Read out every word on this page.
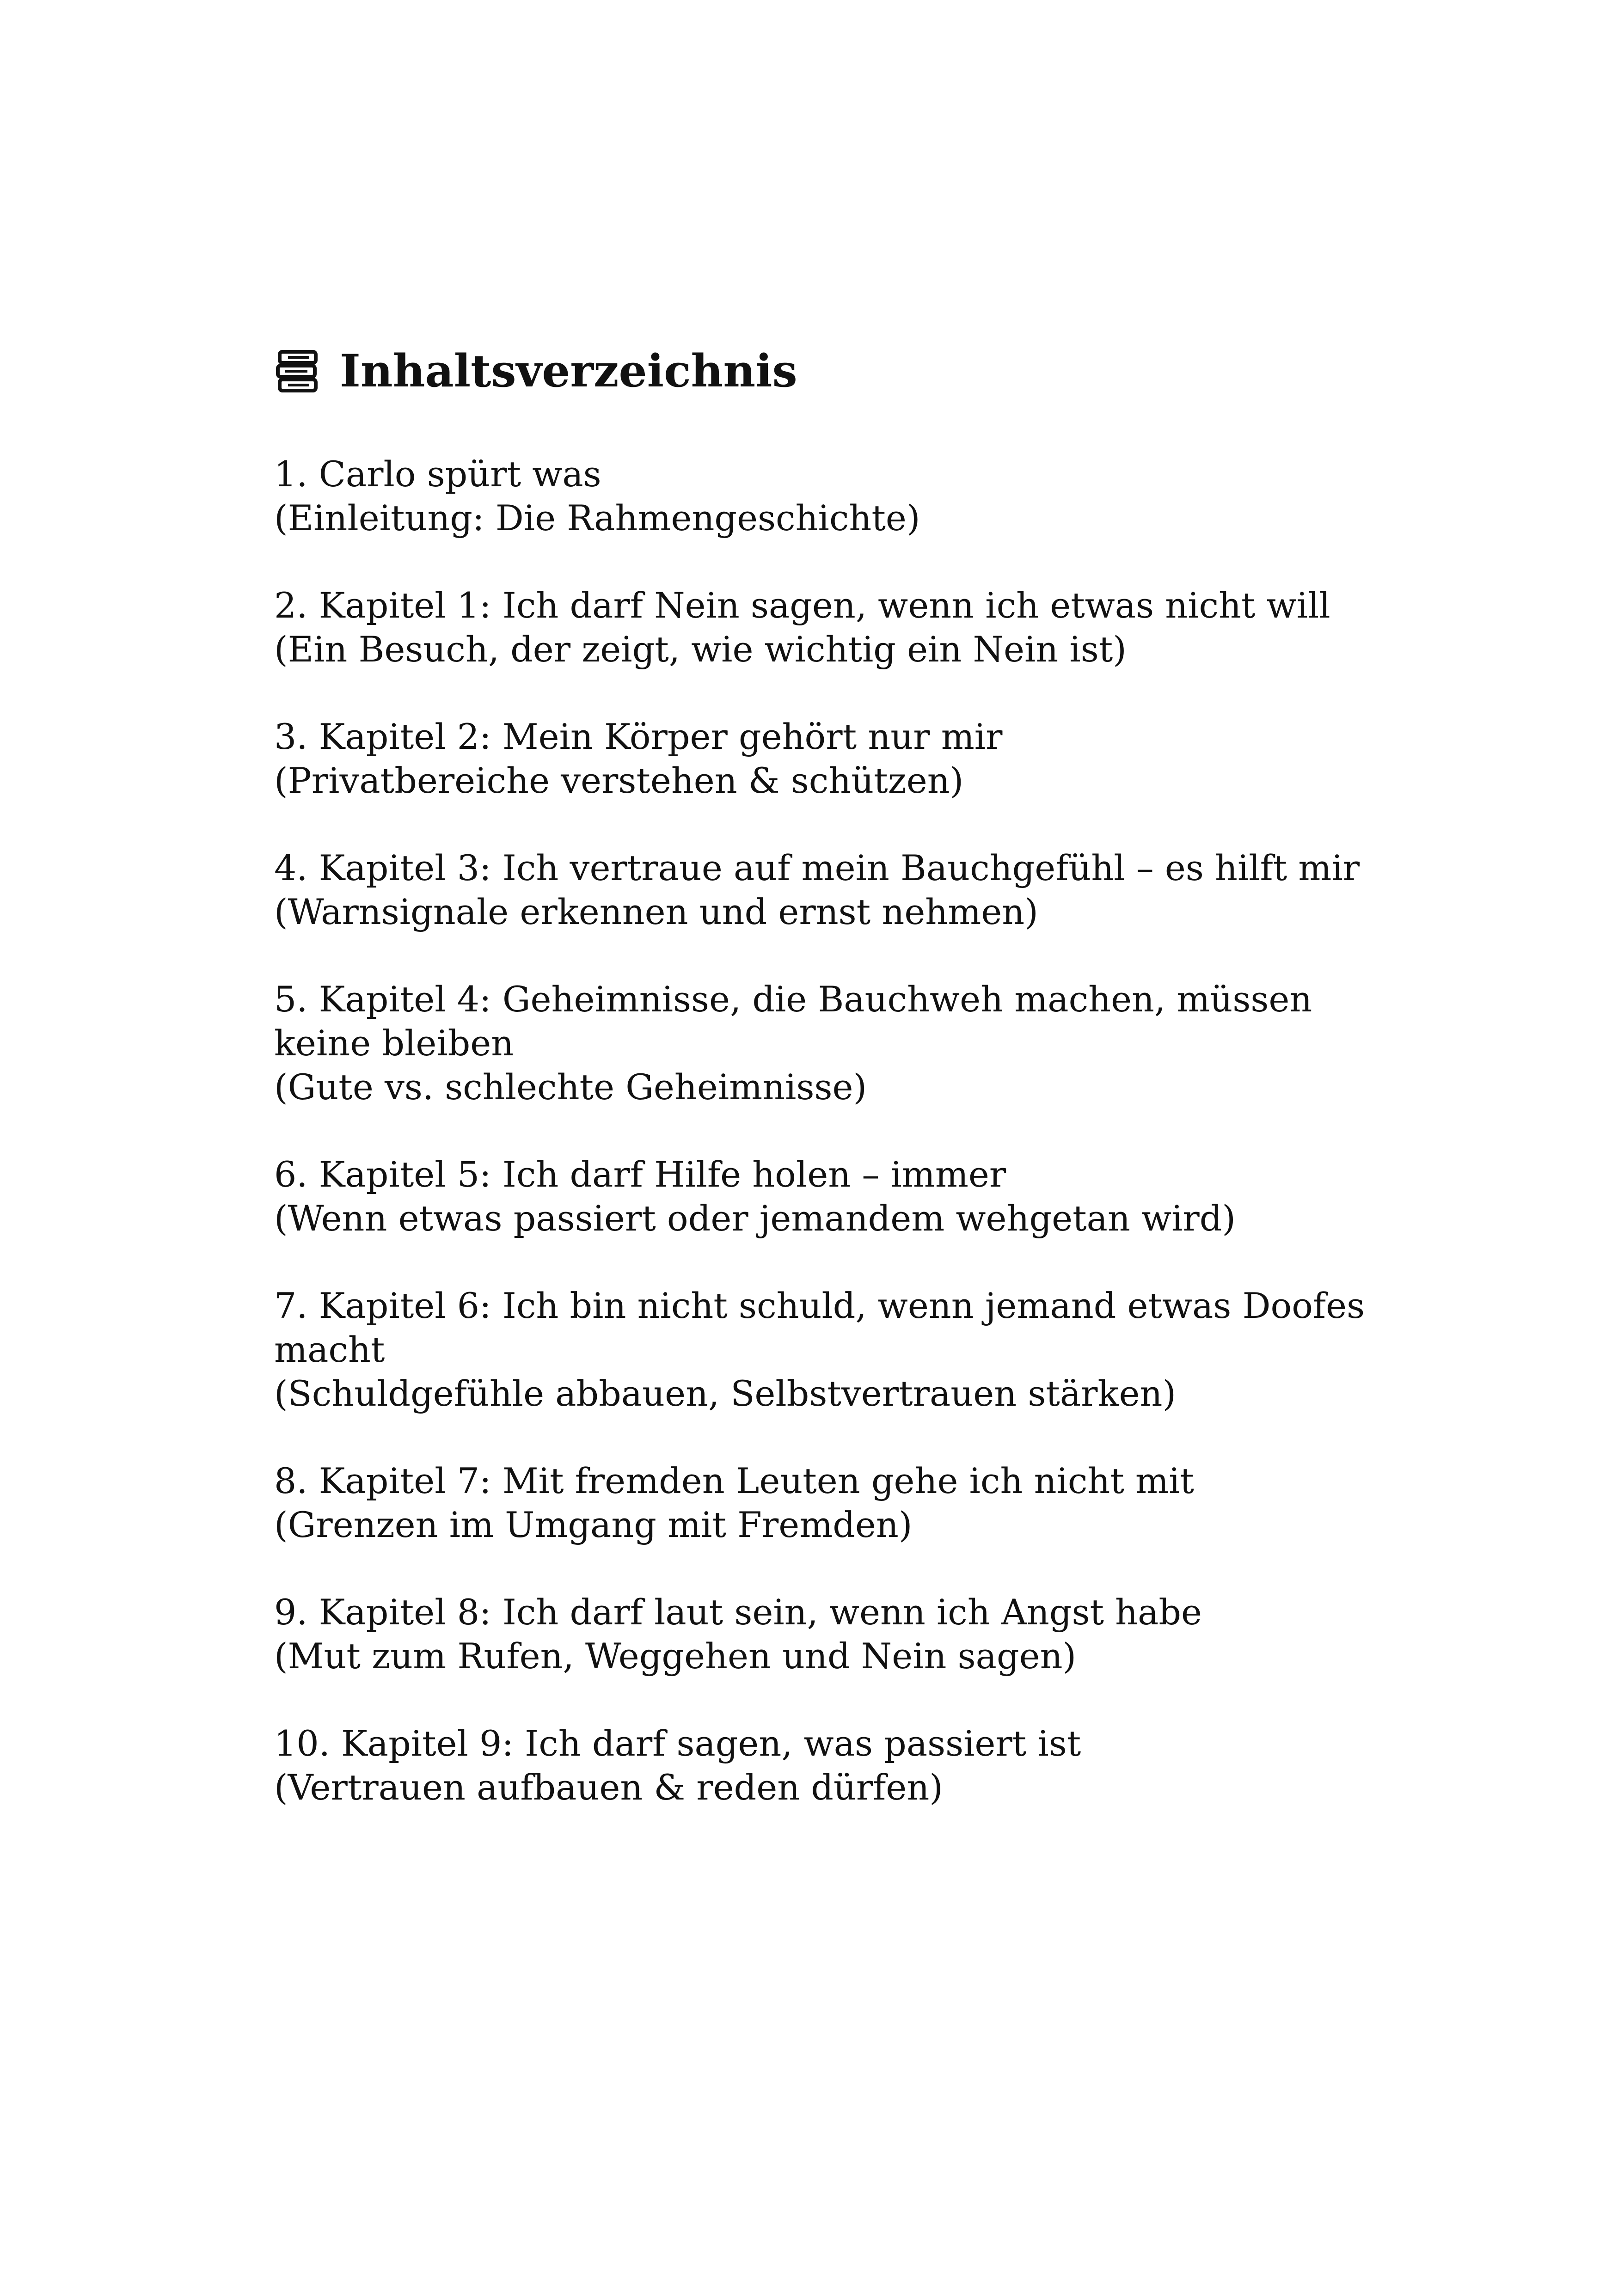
Inhaltsverzeichnis
1. Carlo spürt was
(Einleitung: Die Rahmengeschichte)
2. Kapitel 1: Ich darf Nein sagen, wenn ich etwas nicht will
(Ein Besuch, der zeigt, wie wichtig ein Nein ist)
3. Kapitel 2: Mein Körper gehört nur mir
(Privatbereiche verstehen & schützen)
4. Kapitel 3: Ich vertraue auf mein Bauchgefühl – es hilft mir
(Warnsignale erkennen und ernst nehmen)
5. Kapitel 4: Geheimnisse, die Bauchweh machen, müssen keine bleiben
(Gute vs. schlechte Geheimnisse)
6. Kapitel 5: Ich darf Hilfe holen – immer
(Wenn etwas passiert oder jemandem wehgetan wird)
7. Kapitel 6: Ich bin nicht schuld, wenn jemand etwas Doofes macht
(Schuldgefühle abbauen, Selbstvertrauen stärken)
8. Kapitel 7: Mit fremden Leuten gehe ich nicht mit
(Grenzen im Umgang mit Fremden)
9. Kapitel 8: Ich darf laut sein, wenn ich Angst habe
(Mut zum Rufen, Weggehen und Nein sagen)
10. Kapitel 9: Ich darf sagen, was passiert ist
(Vertrauen aufbauen & reden dürfen)
